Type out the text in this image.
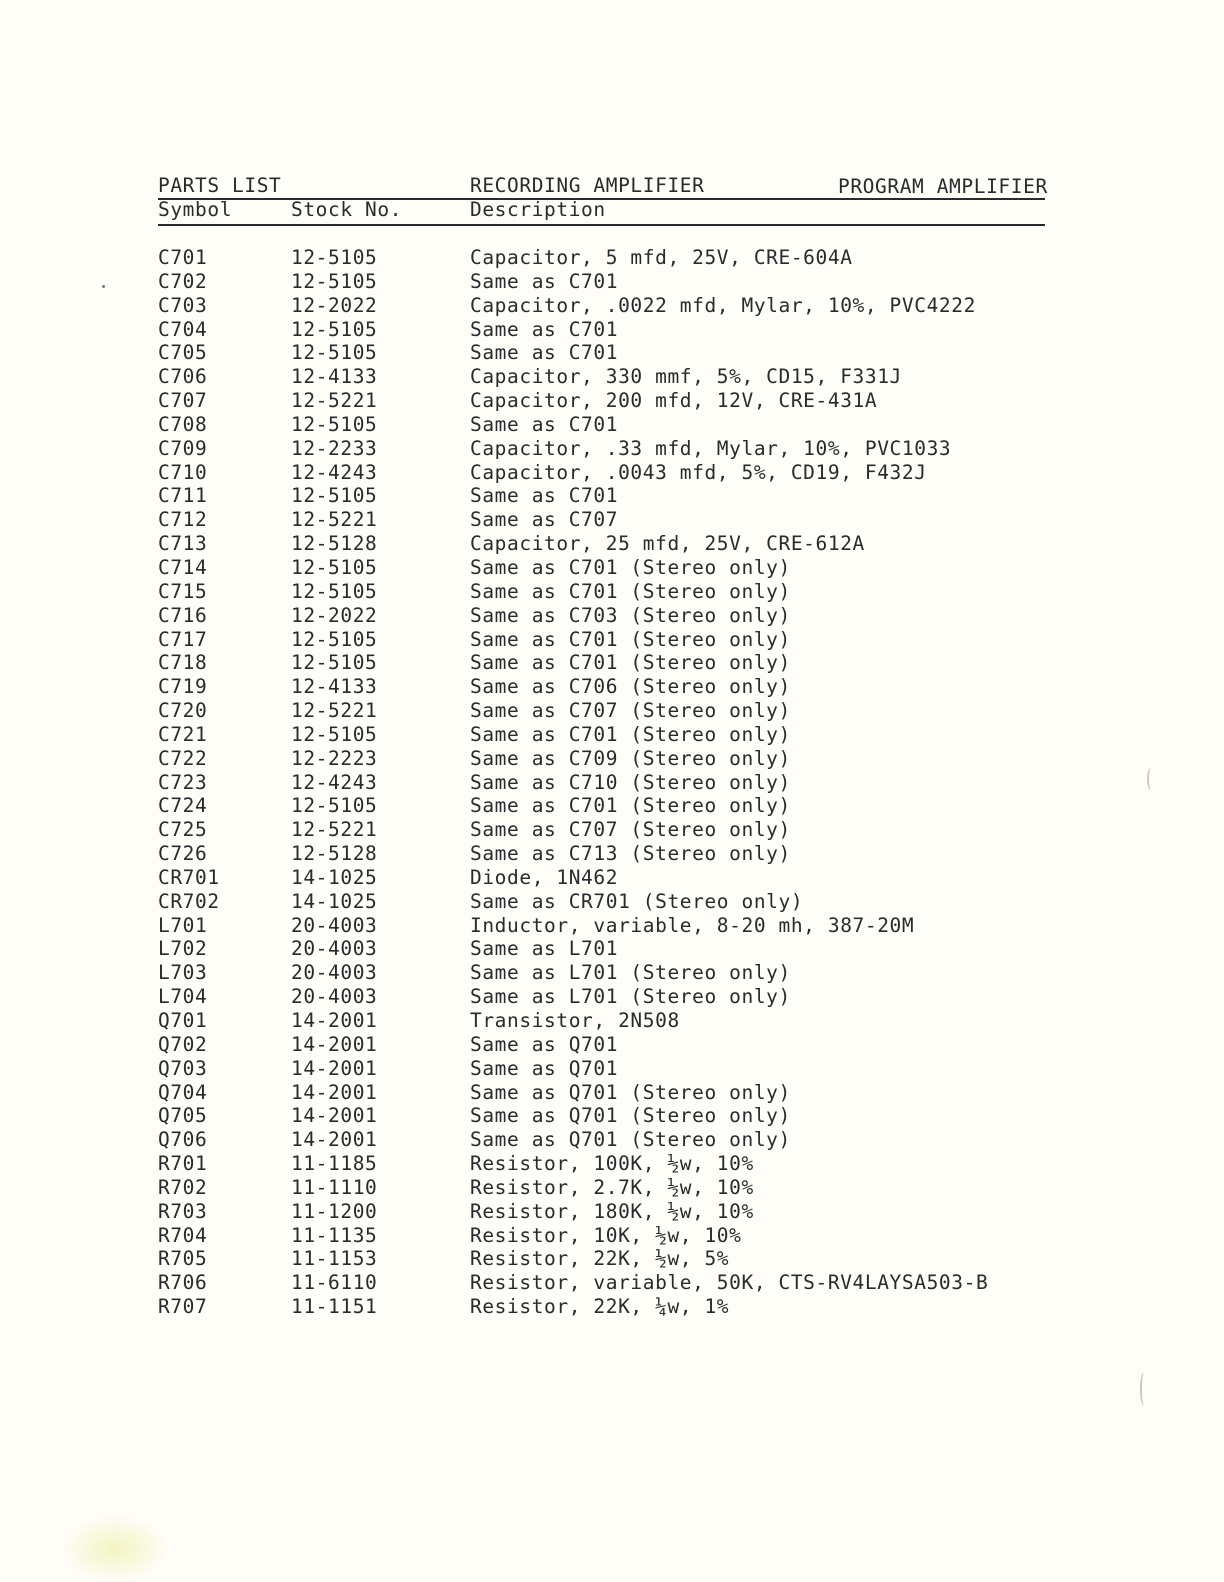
PARTS LIST	RECORDING AMPLIFIER	PROGRAM AMPLIFIER
Symbol	Stock No.	Description
C701	12-5105	Capacitor, 5 mfd, 25V, CRE-604A
C702	12-5105	Same as C701
C703	12-2022	Capacitor, .0022 mfd, Mylar, 10%, PVC4222
C704	12-5105	Same as C701
C705	12-5105	Same as C701
C706	12-4133	Capacitor, 330 mmf, 5%, CD15, F331J
C707	12-5221	Capacitor, 200 mfd, 12V, CRE-431A
C708	12-5105	Same as C701
C709	12-2233	Capacitor, .33 mfd, Mylar, 10%, PVC1033
C710	12-4243	Capacitor, .0043 mfd, 5%, CD19, F432J
C711	12-5105	Same as C701
C712	12-5221	Same as C707
C713	12-5128	Capacitor, 25 mfd, 25V, CRE-612A
C714	12-5105	Same as C701 (Stereo only)
C715	12-5105	Same as C701 (Stereo only)
C716	12-2022	Same as C703 (Stereo only)
C717	12-5105	Same as C701 (Stereo only)
C718	12-5105	Same as C701 (Stereo only)
C719	12-4133	Same as C706 (Stereo only)
C720	12-5221	Same as C707 (Stereo only)
C721	12-5105	Same as C701 (Stereo only)
C722	12-2223	Same as C709 (Stereo only)
C723	12-4243	Same as C710 (Stereo only)
C724	12-5105	Same as C701 (Stereo only)
C725	12-5221	Same as C707 (Stereo only)
C726	12-5128	Same as C713 (Stereo only)
CR701	14-1025	Diode, 1N462
CR702	14-1025	Same as CR701 (Stereo only)
L701	20-4003	Inductor, variable, 8-20 mh, 387-20M
L702	20-4003	Same as L701
L703	20-4003	Same as L701 (Stereo only)
L704	20-4003	Same as L701 (Stereo only)
Q701	14-2001	Transistor, 2N508
Q702	14-2001	Same as Q701
Q703	14-2001	Same as Q701
Q704	14-2001	Same as Q701 (Stereo only)
Q705	14-2001	Same as Q701 (Stereo only)
Q706	14-2001	Same as Q701 (Stereo only)
R701	11-1185	Resistor, 100K, ½w, 10%
R702	11-1110	Resistor, 2.7K, ½w, 10%
R703	11-1200	Resistor, 180K, ½w, 10%
R704	11-1135	Resistor, 10K, ½w, 10%
R705	11-1153	Resistor, 22K, ½w, 5%
R706	11-6110	Resistor, variable, 50K, CTS-RV4LAYSA503-B
R707	11-1151	Resistor, 22K, ¼w, 1%
